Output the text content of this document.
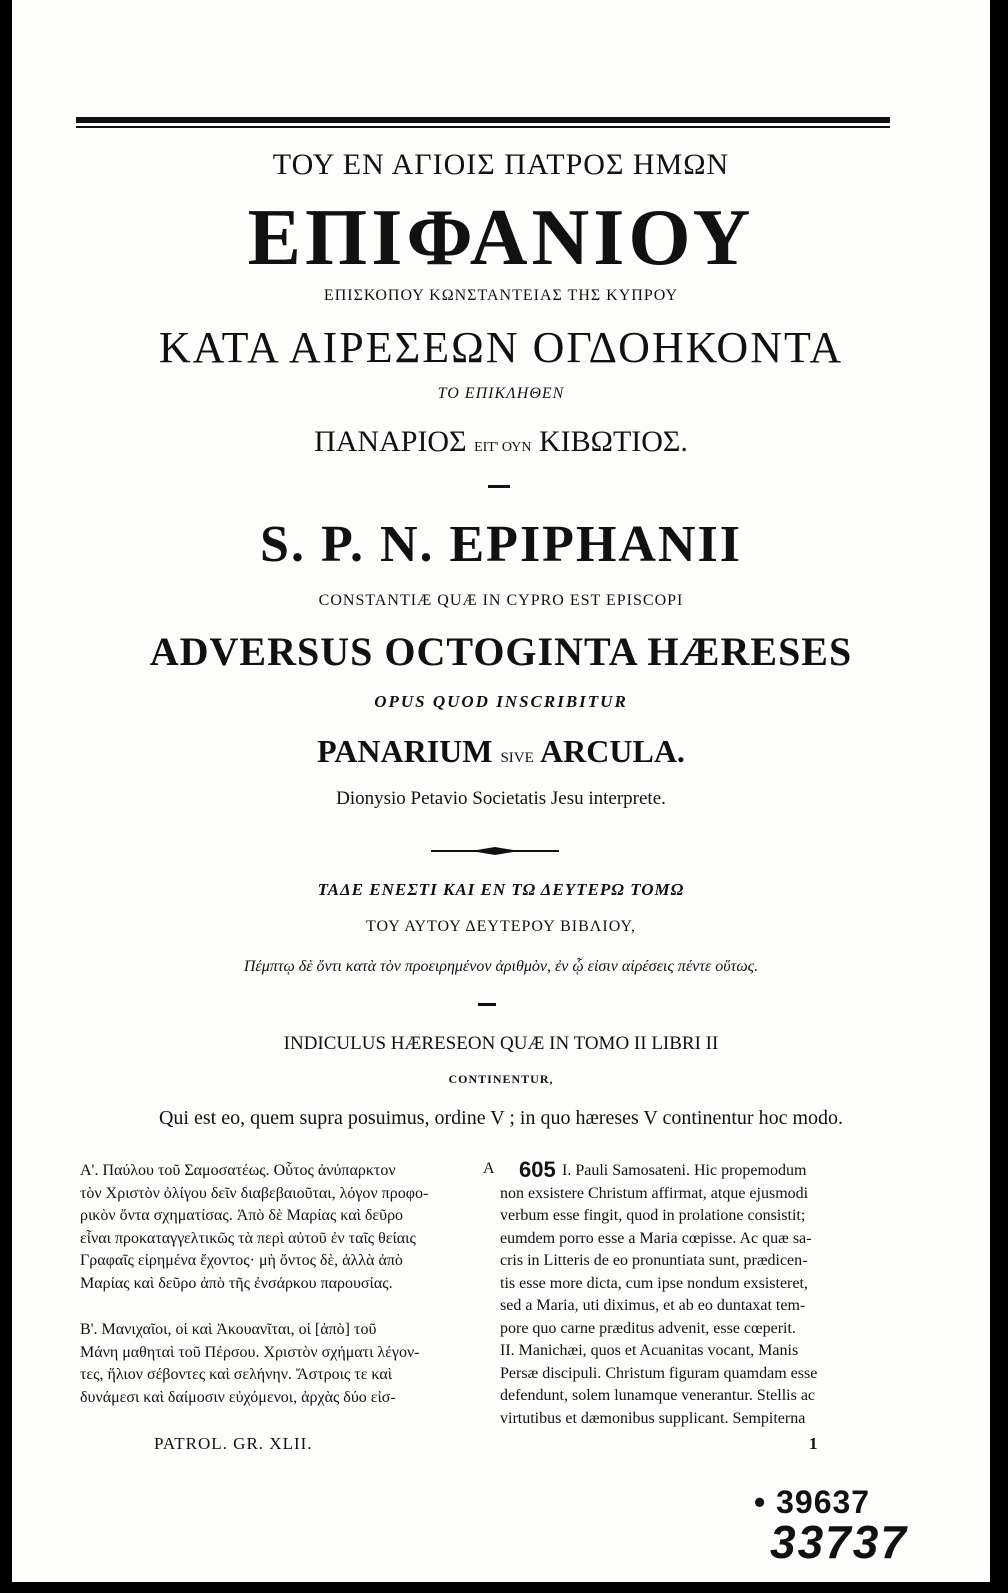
ΤΟΥ ΕΝ ΑΓΙΟΙΣ ΠΑΤΡΟΣ ΗΜΩΝ
ΕΠΙΦΑΝΙΟΥ
ΕΠΙΣΚΟΠΟΥ ΚΩΝΣΤΑΝΤΕΙΑΣ ΤΗΣ ΚΥΠΡΟΥ
ΚΑΤΑ ΑΙΡΕΣΕΩΝ ΟΓΔΟΗΚΟΝΤΑ
ΤΟ ΕΠΙΚΛΗΘΕΝ
ΠΑΝΑΡΙΟΣ ΕΙΤ' ΟΥΝ ΚΙΒΩΤΙΟΣ.
S. P. N. EPIPHANII
CONSTANTIÆ QUÆ IN CYPRO EST EPISCOPI
ADVERSUS OCTOGINTA HÆRESES
OPUS QUOD INSCRIBITUR
PANARIUM SIVE ARCULA.
Dionysio Petavio Societatis Jesu interprete.
ΤΑΔΕ ΕΝΕΣΤΙ ΚΑΙ ΕΝ ΤΩ ΔΕΥΤΕΡΩ ΤΟΜΩ
ΤΟΥ ΑΥΤΟΥ ΔΕΥΤΕΡΟΥ ΒΙΒΛΙΟΥ,
Πέμπτῳ δὲ ὄντι κατὰ τὸν προειρημένον ἀριθμὸν, ἐν ᾧ εἰσιν αἱρέσεις πέντε οὕτως.
INDICULUS HÆRESEON QUÆ IN TOMO II LIBRI II
CONTINENTUR,
Qui est eo, quem supra posuimus, ordine V ; in quo hæreses V continentur hoc modo.

Α'. Παύλου τοῦ Σαμοσατέως. Οὗτος ἀνύπαρκτον
τὸν Χριστὸν ὀλίγου δεῖν διαβεβαιοῦται, λόγον προφο-
ρικὸν ὄντα σχηματίσας. Ἀπὸ δὲ Μαρίας καὶ δεῦρο
εἶναι προκαταγγελτικῶς τὰ περὶ αὐτοῦ ἐν ταῖς θείαις
Γραφαῖς εἰρημένα ἔχοντος· μὴ ὄντος δὲ, ἀλλὰ ἀπὸ
Μαρίας καὶ δεῦρο ἀπὸ τῆς ἐνσάρκου παρουσίας.

Β'. Μανιχαῖοι, οἱ καὶ Ἀκουανῖται, οἱ [ἀπὸ] τοῦ
Μάνη μαθηταὶ τοῦ Πέρσου. Χριστὸν σχήματι λέγον-
τες, ἥλιον σέβοντες καὶ σελήνην. Ἄστροις τε καὶ
δυνάμεσι καὶ δαίμοσιν εὐχόμενοι, ἀρχὰς δύο εἰσ-

A 605 I. Pauli Samosateni. Hic propemodum
non exsistere Christum affirmat, atque ejusmodi
verbum esse fingit, quod in prolatione consistit;
eumdem porro esse a Maria cœpisse. Ac quæ sa-
cris in Litteris de eo pronuntiata sunt, prædicen-
tis esse more dicta, cum ipse nondum exsisteret,
sed a Maria, uti diximus, et ab eo duntaxat tem-
pore quo carne præditus advenit, esse cœperit.

II. Manichæi, quos et Acuanitas vocant, Manis
Persæ discipuli. Christum figuram quamdam esse
defendunt, solem lunamque venerantur. Stellis ac
virtutibus et dæmonibus supplicant. Sempiterna

PATROL. GR. XLII.	1
• 39637
33737
